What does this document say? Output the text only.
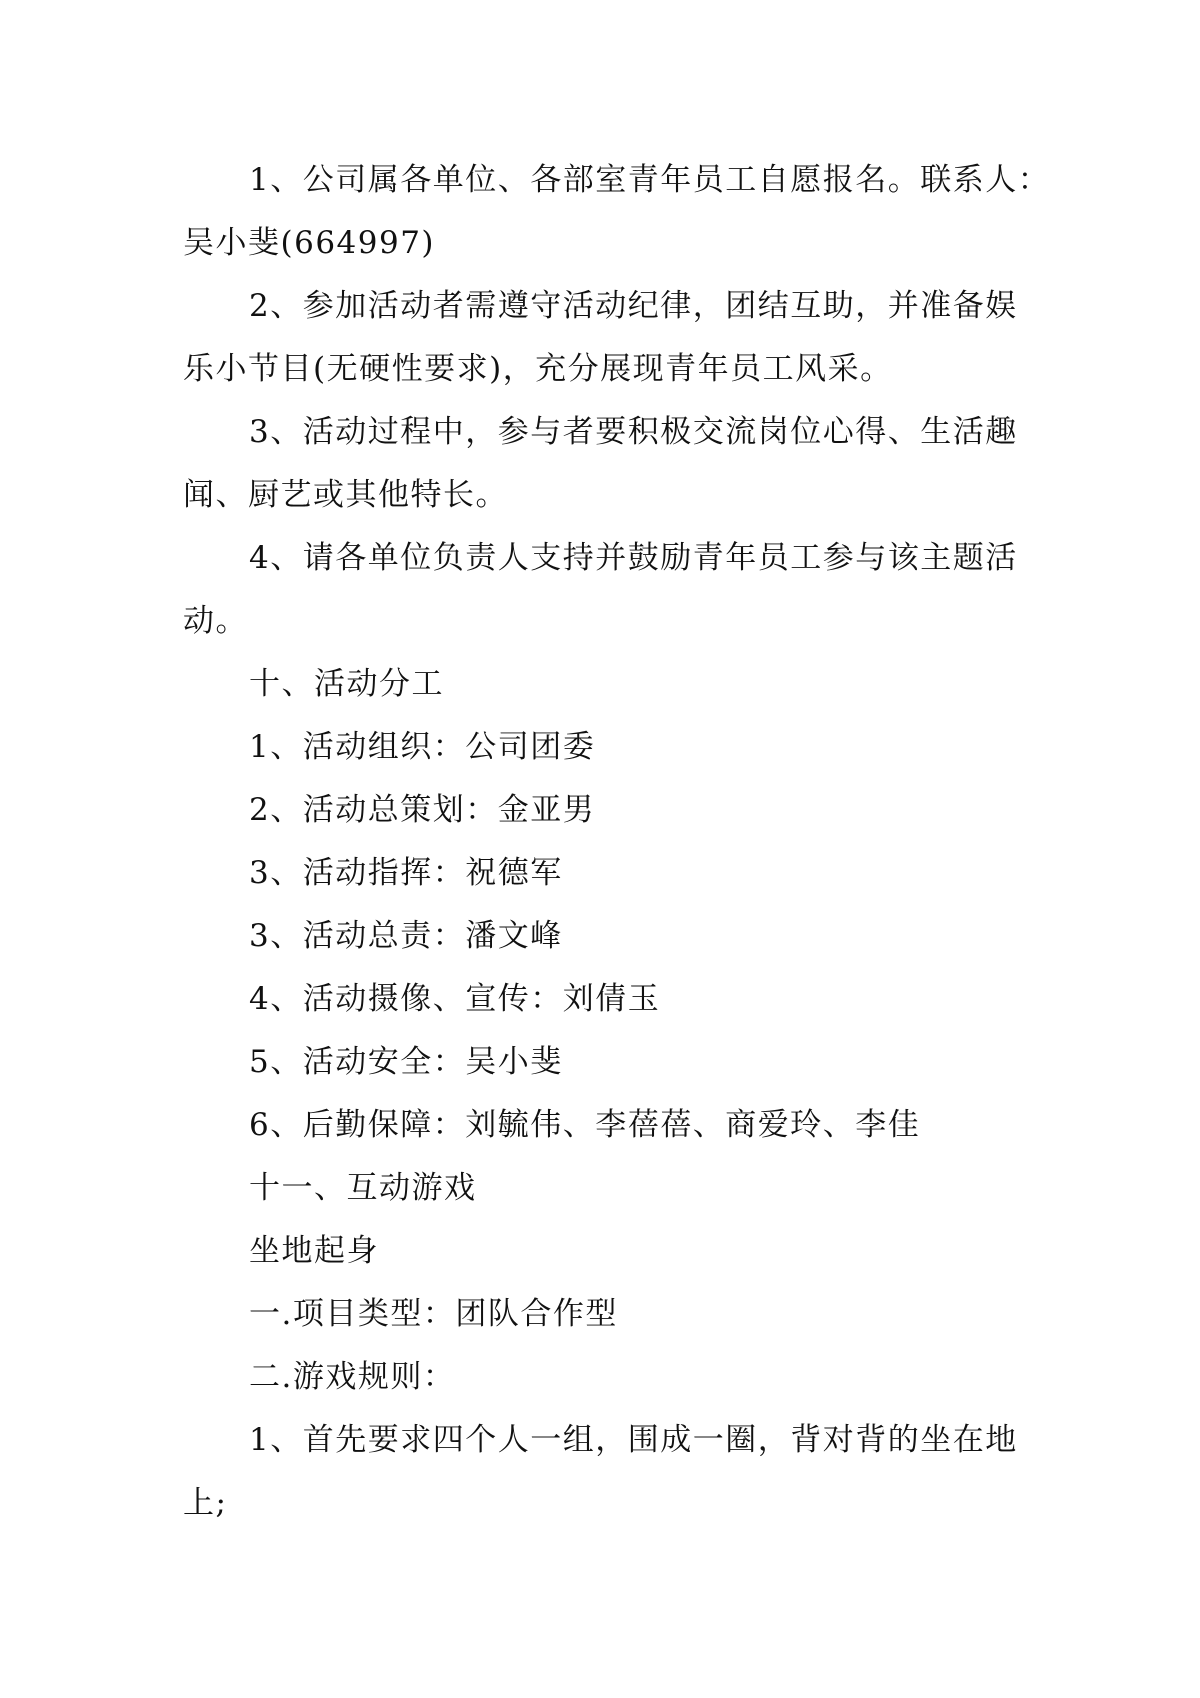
1、公司属各单位、各部室青年员工自愿报名。联系人：
吴小斐(664997)
2、参加活动者需遵守活动纪律，团结互助，并准备娱
乐小节目(无硬性要求)，充分展现青年员工风采。
3、活动过程中，参与者要积极交流岗位心得、生活趣
闻、厨艺或其他特长。
4、请各单位负责人支持并鼓励青年员工参与该主题活
动。
十、活动分工
1、活动组织：公司团委
2、活动总策划：金亚男
3、活动指挥：祝德军
3、活动总责：潘文峰
4、活动摄像、宣传：刘倩玉
5、活动安全：吴小斐
6、后勤保障：刘毓伟、李蓓蓓、商爱玲、李佳
十一、互动游戏
坐地起身
一.项目类型：团队合作型
二.游戏规则：
1、首先要求四个人一组，围成一圈，背对背的坐在地
上;
